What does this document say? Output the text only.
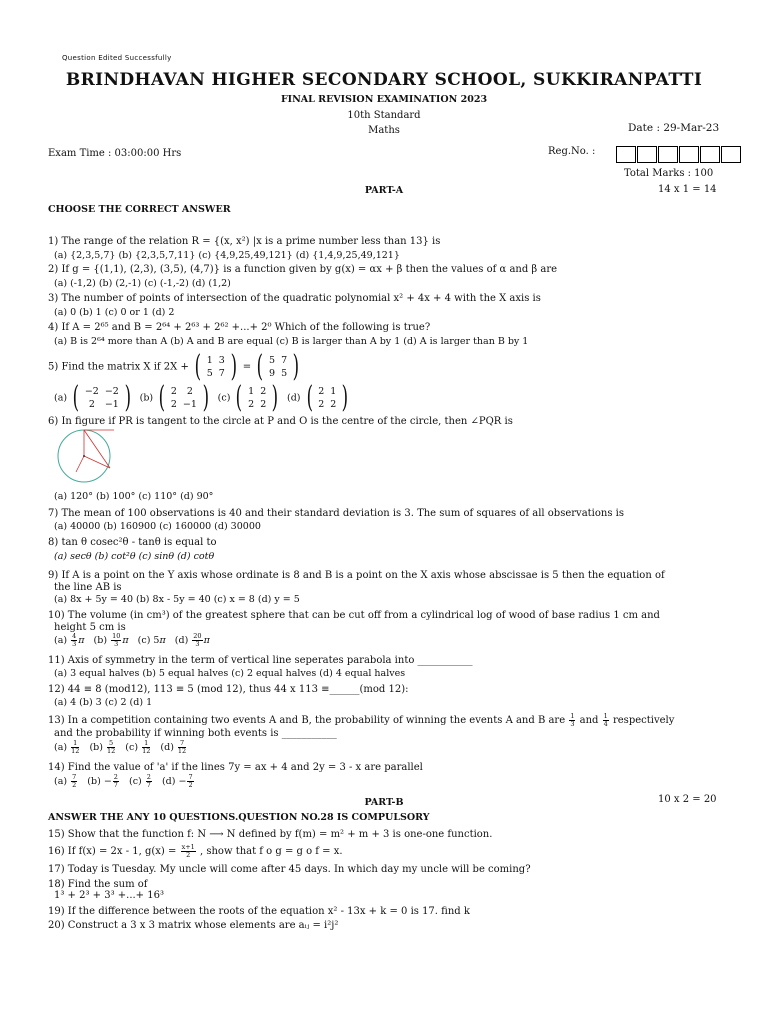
Question Edited Successfully
BRINDHAVAN HIGHER SECONDARY SCHOOL, SUKKIRANPATTI
FINAL REVISION EXAMINATION 2023
10th Standard
Maths	Date : 29-Mar-23
Exam Time : 03:00:00 Hrs	Reg.No. :
Total Marks : 100
PART-A	14 x 1 = 14
CHOOSE THE CORRECT ANSWER
1) The range of the relation R = {(x, x²) |x is a prime number less than 13} is
(a) {2,3,5,7} (b) {2,3,5,7,11} (c) {4,9,25,49,121} (d) {1,4,9,25,49,121}
2) If g = {(1,1), (2,3), (3,5), (4,7)} is a function given by g(x) = αx + β then the values of α and β are
(a) (-1,2) (b) (2,-1) (c) (-1,-2) (d) (1,2)
3) The number of points of intersection of the quadratic polynomial x² + 4x + 4 with the X axis is
(a) 0 (b) 1 (c) 0 or 1 (d) 2
4) If A = 2⁶⁵ and B = 2⁶⁴ + 2⁶³ + 2⁶² +...+ 2⁰ Which of the following is true?
(a) B is 2⁶⁴ more than A (b) A and B are equal (c) B is larger than A by 1 (d) A is larger than B by 1
5) Find the matrix X if 2X + ( 1	3
5	7 ) = ( 5	7
9	5 )
(a) ( −2	−2
2	−1 ) (b) ( 2	2
2	−1 ) (c) ( 1	2
2	2 ) (d) ( 2	1
2	2 )
6) In figure if PR is tangent to the circle at P and O is the centre of the circle, then ∠PQR is
(a) 120° (b) 100° (c) 110° (d) 90°
7) The mean of 100 observations is 40 and their standard deviation is 3. The sum of squares of all observations is
(a) 40000 (b) 160900 (c) 160000 (d) 30000
8) tan θ cosec²θ - tanθ is equal to
(a) secθ (b) cot²θ (c) sinθ (d) cotθ
9) If A is a point on the Y axis whose ordinate is 8 and B is a point on the X axis whose abscissae is 5 then the equation of
the line AB is
(a) 8x + 5y = 40 (b) 8x - 5y = 40 (c) x = 8 (d) y = 5
10) The volume (in cm³) of the greatest sphere that can be cut off from a cylindrical log of wood of base radius 1 cm and
height 5 cm is
$(a) \frac{4}{3}$ π   $(b) \frac{10}{3}$ π   (c) 5π   $(d) \frac{20}{3}$ π
11) Axis of symmetry in the term of vertical line seperates parabola into ___________
(a) 3 equal halves (b) 5 equal halves (c) 2 equal halves (d) 4 equal halves
12) 44 ≡ 8 (mod12), 113 ≡ 5 (mod 12), thus 44 x 113 ≡______(mod 12):
(a) 4 (b) 3 (c) 2 (d) 1
13) In a competition containing two events A and B, the probability of winning the events A and B are $\frac{1}{3}$ and $\frac{1}{4}$ respectively
and the probability if winning both events is ___________
$(a) \frac{1}{12} (b) \frac{5}{12} (c) \frac{1}{12} (d) \frac{7}{12}$
14) Find the value of 'a' if the lines 7y = ax + 4 and 2y = 3 - x are parallel
$(a) \frac{7}{2} (b) - \frac{2}{7} (c) \frac{2}{7} (d) - \frac{7}{2}$
PART-B	10 x 2 = 20
ANSWER THE ANY 10 QUESTIONS.QUESTION NO.28 IS COMPULSORY
15) Show that the function f: N ⟶ N defined by f(m) = m² + m + 3 is one-one function.
16) If f(x) = 2x - 1, $g(x) = \frac{x+1}{2}$ , show that f o g = g o f = x.
17) Today is Tuesday. My uncle will come after 45 days. In which day my uncle will be coming?
18) Find the sum of
1³ + 2³ + 3³ +...+ 16³
19) If the difference between the roots of the equation x² - 13x + k = 0 is 17. find k
20) Construct a 3 x 3 matrix whose elements are aᵢⱼ = i²j²
